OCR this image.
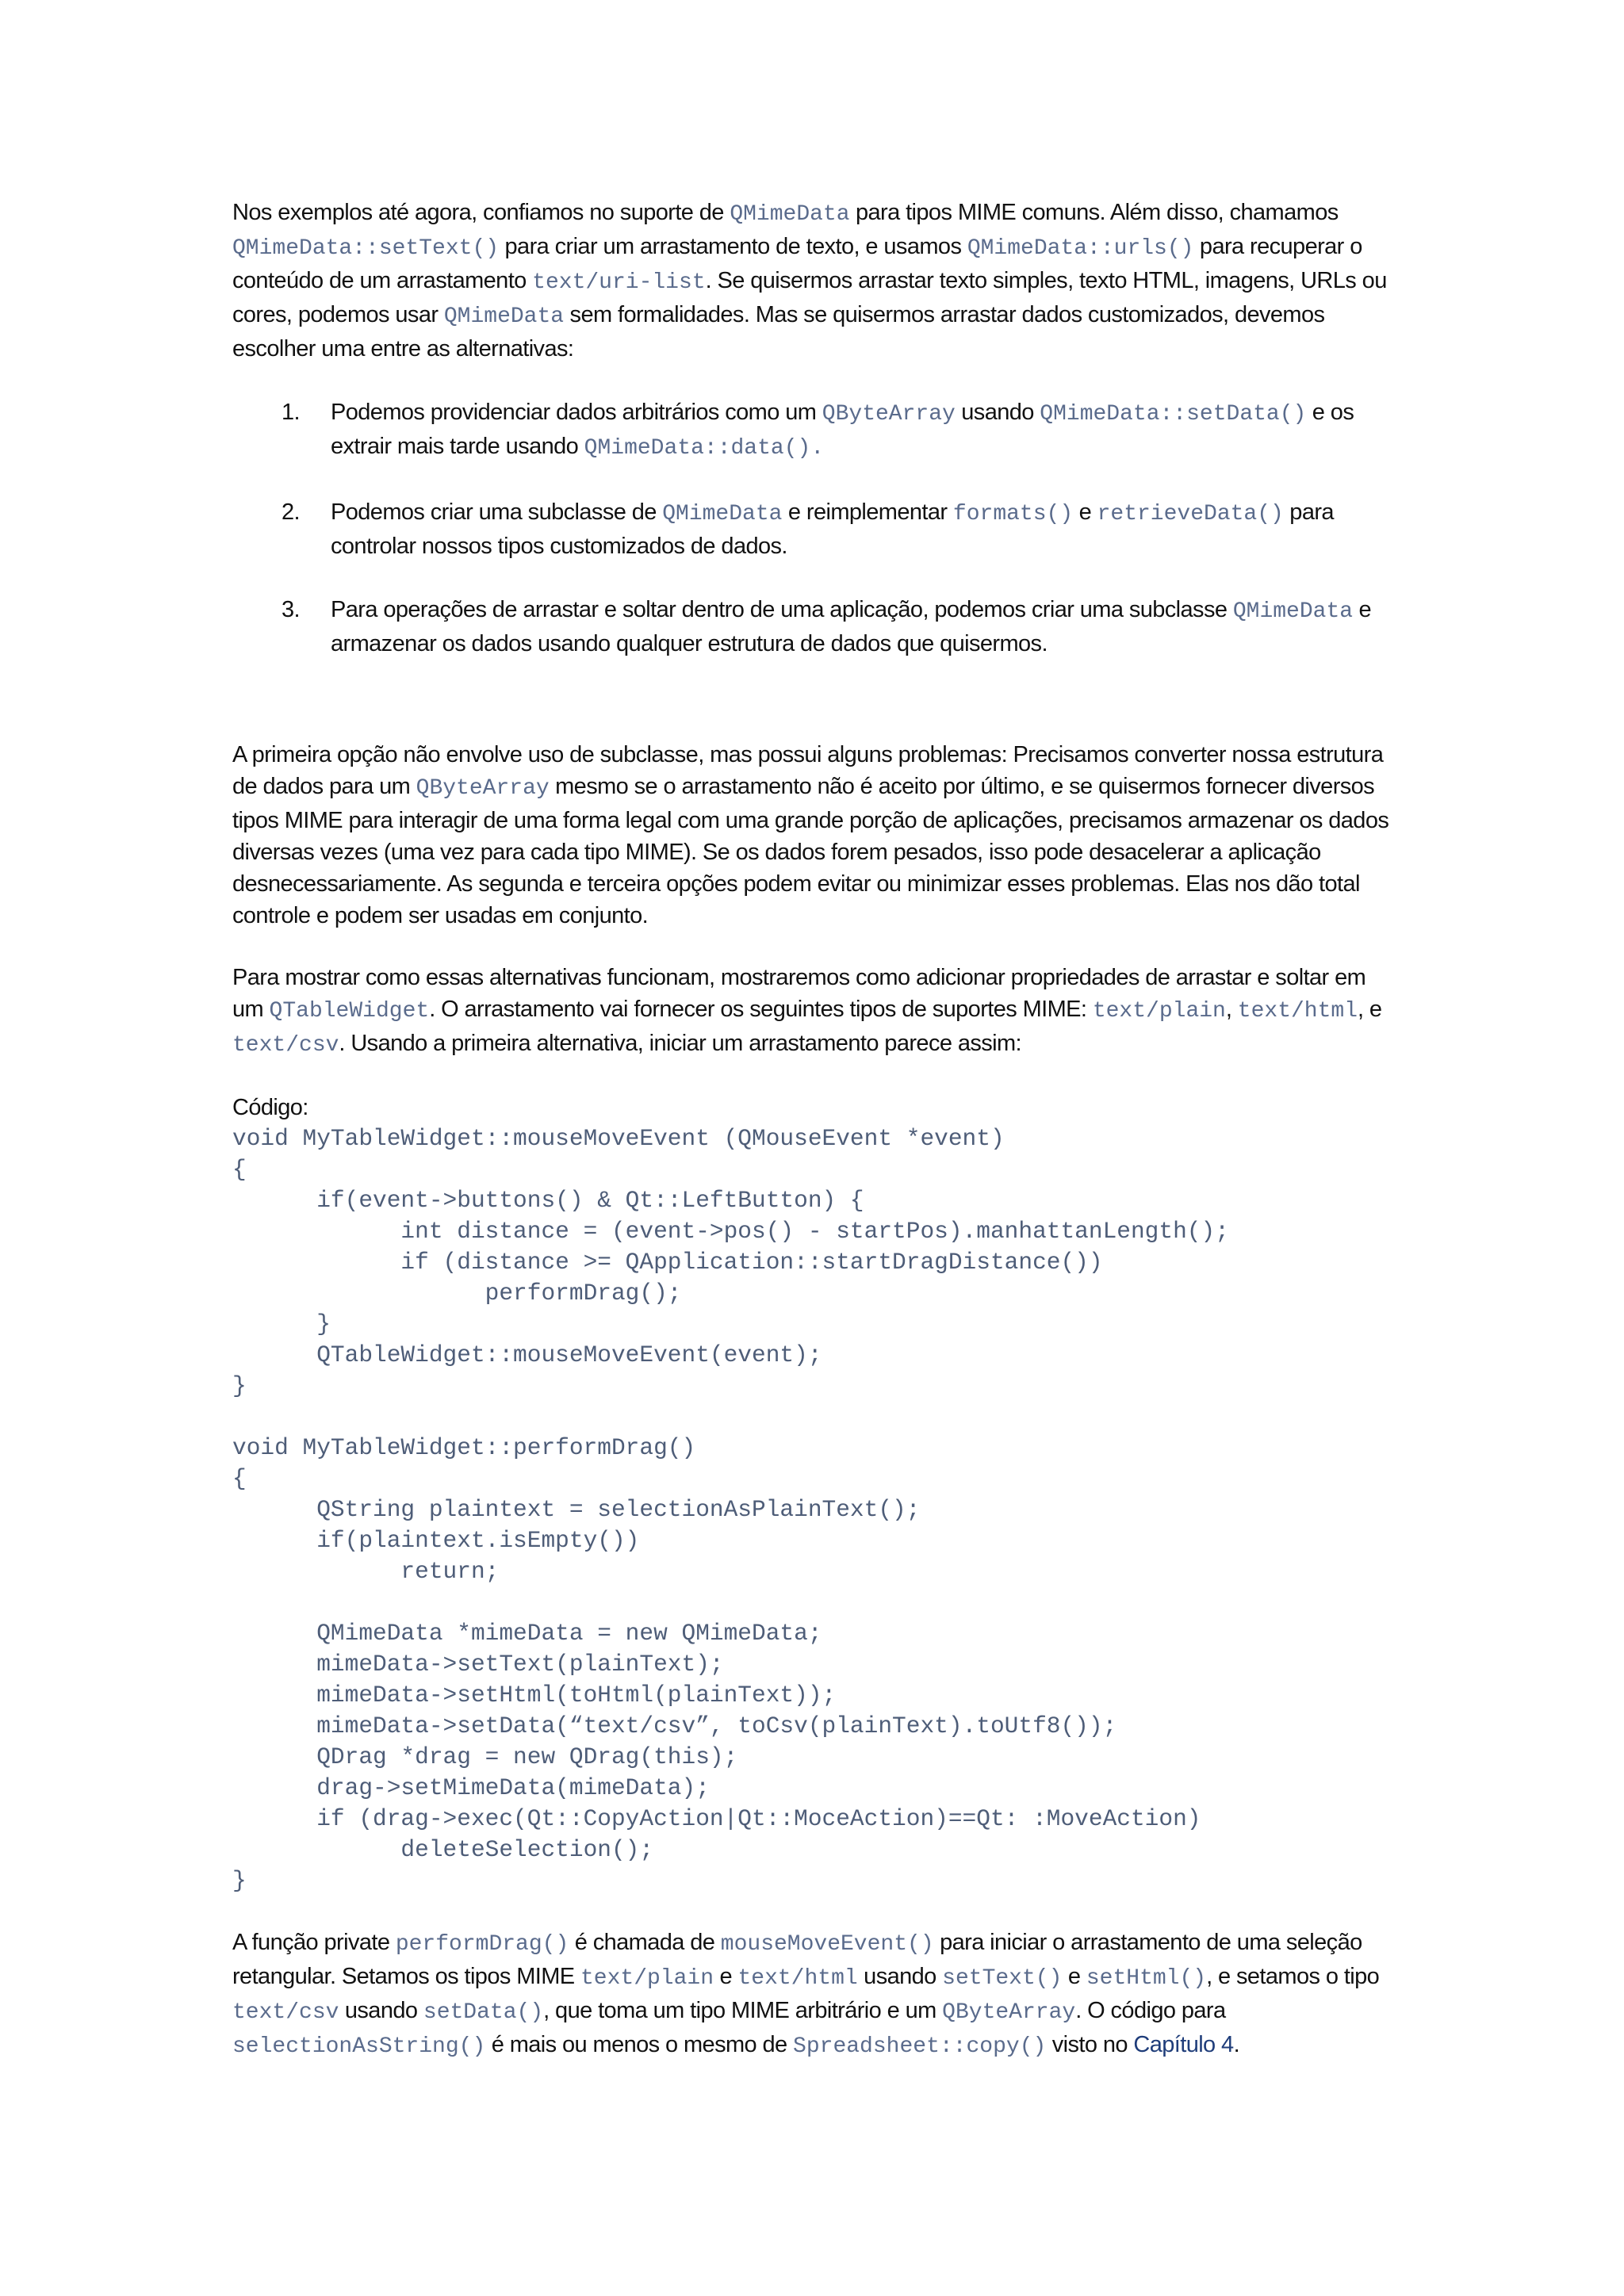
Nos exemplos até agora, confiamos no suporte de QMimeData para tipos MIME comuns. Além disso, chamamos QMimeData::setText() para criar um arrastamento de texto, e usamos QMimeData::urls() para recuperar o conteúdo de um arrastamento text/uri-list. Se quisermos arrastar texto simples, texto HTML, imagens, URLs ou cores, podemos usar QMimeData sem formalidades. Mas se quisermos arrastar dados customizados, devemos escolher uma entre as alternativas:

1. Podemos providenciar dados arbitrários como um QByteArray usando QMimeData::setData() e os extrair mais tarde usando QMimeData::data().
2. Podemos criar uma subclasse de QMimeData e reimplementar formats() e retrieveData() para controlar nossos tipos customizados de dados.
3. Para operações de arrastar e soltar dentro de uma aplicação, podemos criar uma subclasse QMimeData e armazenar os dados usando qualquer estrutura de dados que quisermos.

A primeira opção não envolve uso de subclasse, mas possui alguns problemas: Precisamos converter nossa estrutura de dados para um QByteArray mesmo se o arrastamento não é aceito por último, e se quisermos fornecer diversos tipos MIME para interagir de uma forma legal com uma grande porção de aplicações, precisamos armazenar os dados diversas vezes (uma vez para cada tipo MIME). Se os dados forem pesados, isso pode desacelerar a aplicação desnecessariamente. As segunda e terceira opções podem evitar ou minimizar esses problemas. Elas nos dão total controle e podem ser usadas em conjunto.

Para mostrar como essas alternativas funcionam, mostraremos como adicionar propriedades de arrastar e soltar em um QTableWidget. O arrastamento vai fornecer os seguintes tipos de suportes MIME: text/plain, text/html, e text/csv. Usando a primeira alternativa, iniciar um arrastamento parece assim:

Código:

void MyTableWidget::mouseMoveEvent (QMouseEvent *event)
{
if(event->buttons() & Qt::LeftButton) {
int distance = (event->pos() - startPos).manhattanLength();
if (distance >= QApplication::startDragDistance())
performDrag();
}
QTableWidget::mouseMoveEvent(event);
}

void MyTableWidget::performDrag()
{
QString plaintext = selectionAsPlainText();
if(plaintext.isEmpty())
return;

QMimeData *mimeData = new QMimeData;
mimeData->setText(plainText);
mimeData->setHtml(toHtml(plainText));
mimeData->setData(“text/csv”, toCsv(plainText).toUtf8());
QDrag *drag = new QDrag(this);
drag->setMimeData(mimeData);
if (drag->exec(Qt::CopyAction|Qt::MoceAction)==Qt: :MoveAction)
deleteSelection();
}

A função private performDrag() é chamada de mouseMoveEvent() para iniciar o arrastamento de uma seleção retangular. Setamos os tipos MIME text/plain e text/html usando setText() e setHtml(), e setamos o tipo text/csv usando setData(), que toma um tipo MIME arbitrário e um QByteArray. O código para selectionAsString() é mais ou menos o mesmo de Spreadsheet::copy() visto no Capítulo 4.
